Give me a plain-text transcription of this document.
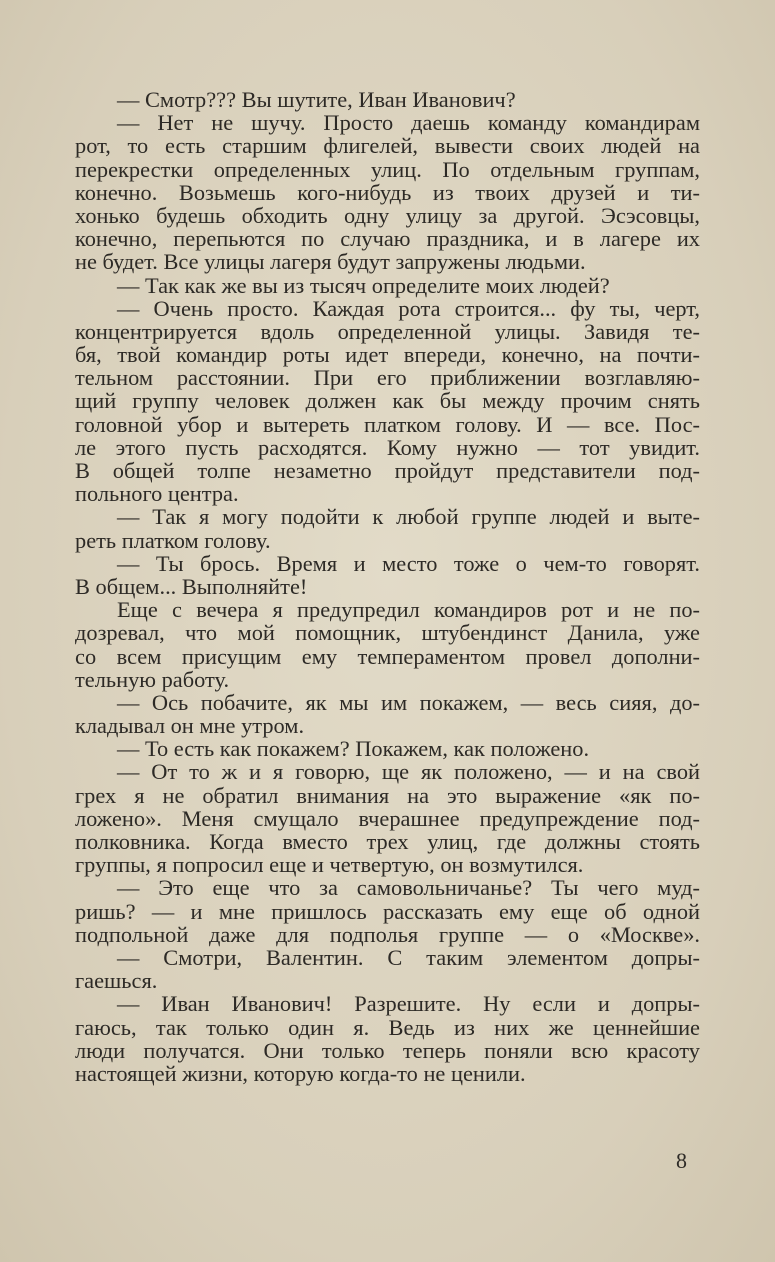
— Смотр??? Вы шутите, Иван Иванович?
— Нет не шучу. Просто даешь команду командирам
рот, то есть старшим флигелей, вывести своих людей на
перекрестки определенных улиц. По отдельным группам,
конечно. Возьмешь кого-нибудь из твоих друзей и ти-
хонько будешь обходить одну улицу за другой. Эсэсовцы,
конечно, перепьются по случаю праздника, и в лагере их
не будет. Все улицы лагеря будут запружены людьми.
— Так как же вы из тысяч определите моих людей?
— Очень просто. Каждая рота строится... фу ты, черт,
концентрируется вдоль определенной улицы. Завидя те-
бя, твой командир роты идет впереди, конечно, на почти-
тельном расстоянии. При его приближении возглавляю-
щий группу человек должен как бы между прочим снять
головной убор и вытереть платком голову. И — все. Пос-
ле этого пусть расходятся. Кому нужно — тот увидит.
В общей толпе незаметно пройдут представители под-
польного центра.
— Так я могу подойти к любой группе людей и выте-
реть платком голову.
— Ты брось. Время и место тоже о чем-то говорят.
В общем... Выполняйте!
Еще с вечера я предупредил командиров рот и не по-
дозревал, что мой помощник, штубендинст Данила, уже
со всем присущим ему темпераментом провел дополни-
тельную работу.
— Ось побачите, як мы им покажем, — весь сияя, до-
кладывал он мне утром.
— То есть как покажем? Покажем, как положено.
— От то ж и я говорю, ще як положено, — и на свой
грех я не обратил внимания на это выражение «як по-
ложено». Меня смущало вчерашнее предупреждение под-
полковника. Когда вместо трех улиц, где должны стоять
группы, я попросил еще и четвертую, он возмутился.
— Это еще что за самовольничанье? Ты чего муд-
ришь? — и мне пришлось рассказать ему еще об одной
подпольной даже для подполья группе — о «Москве».
— Смотри, Валентин. С таким элементом допры-
гаешься.
— Иван Иванович! Разрешите. Ну если и допры-
гаюсь, так только один я. Ведь из них же ценнейшие
люди получатся. Они только теперь поняли всю красоту
настоящей жизни, которую когда-то не ценили.
8
